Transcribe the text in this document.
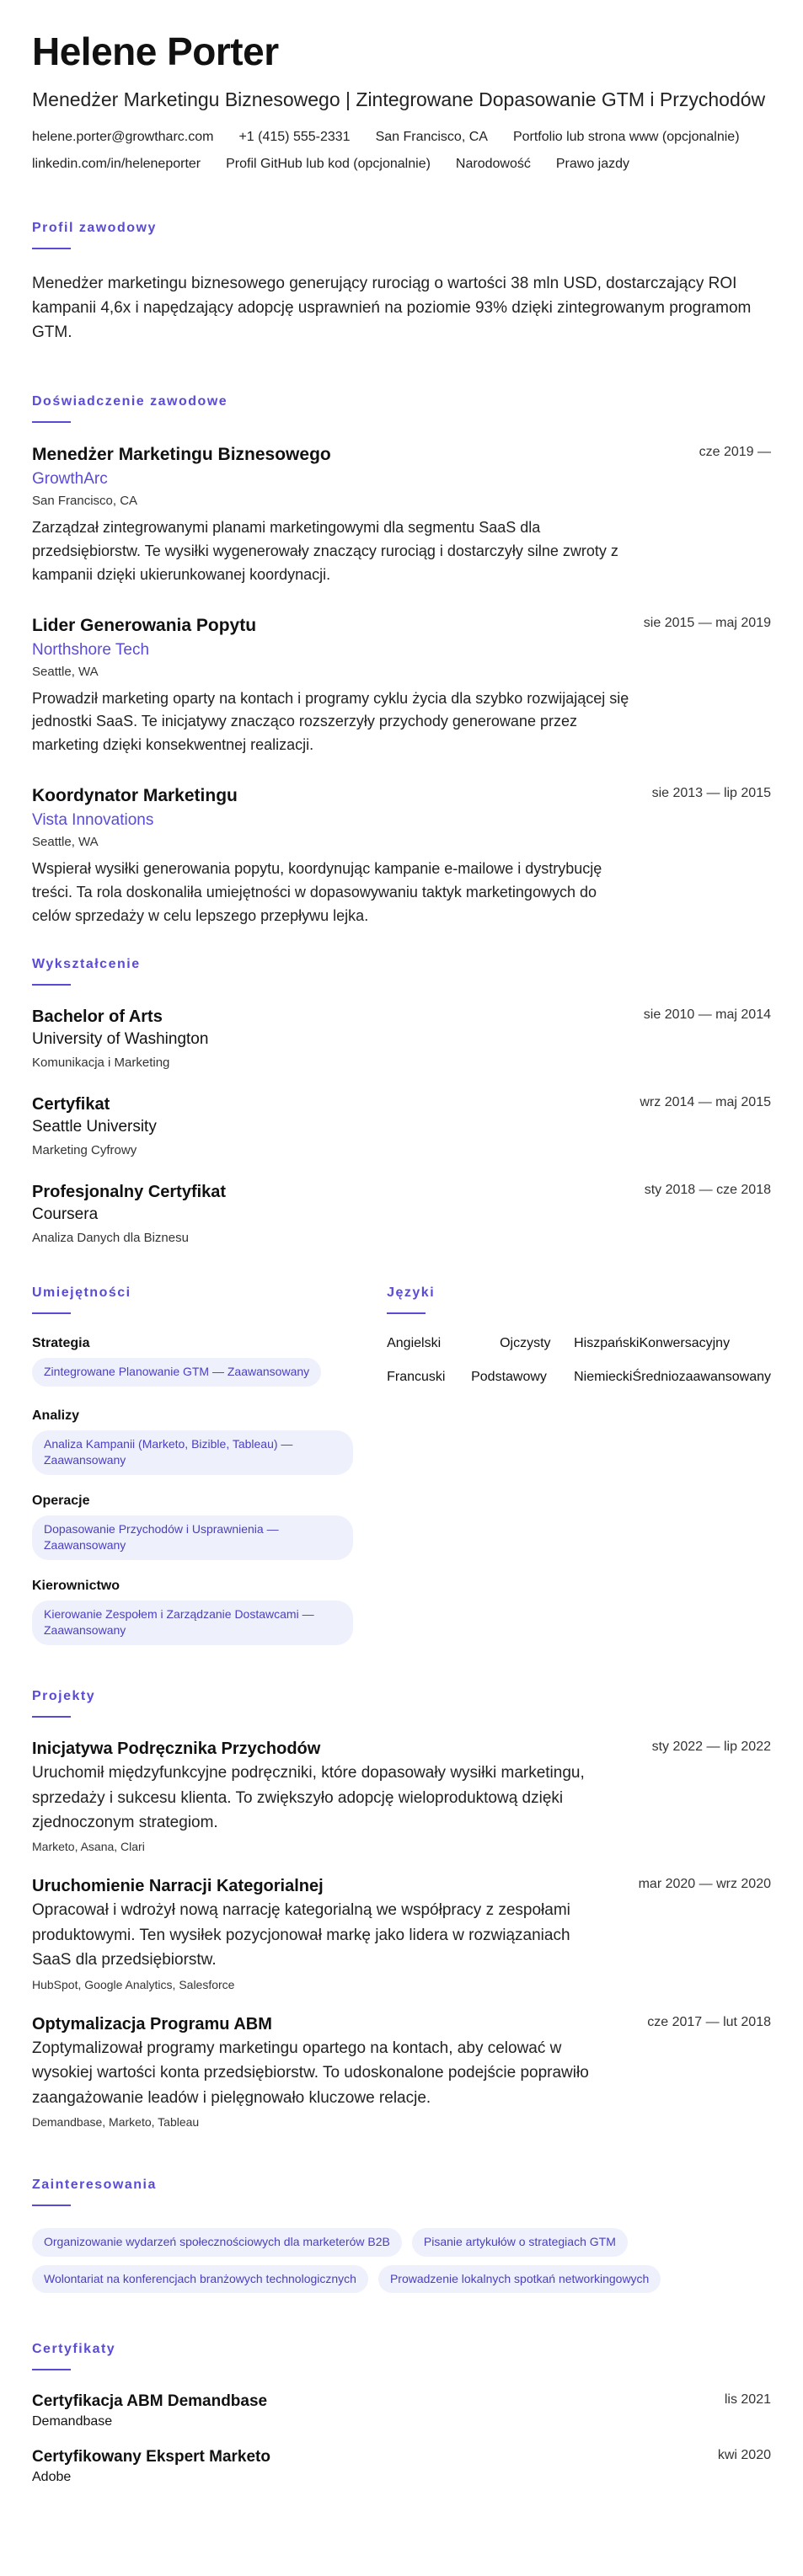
Helene Porter
Menedżer Marketingu Biznesowego | Zintegrowane Dopasowanie GTM i Przychodów
helene.porter@growtharc.com +1 (415) 555-2331 San Francisco, CA Portfolio lub strona www (opcjonalnie)
linkedin.com/in/heleneporter Profil GitHub lub kod (opcjonalnie) Narodowość Prawo jazdy
Profil zawodowy
Menedżer marketingu biznesowego generujący rurociąg o wartości 38 mln USD, dostarczający ROI kampanii 4,6x i napędzający adopcję usprawnień na poziomie 93% dzięki zintegrowanym programom GTM.
Doświadczenie zawodowe
Menedżer Marketingu Biznesowego	cze 2019 —
GrowthArc
San Francisco, CA
Zarządzał zintegrowanymi planami marketingowymi dla segmentu SaaS dla przedsiębiorstw. Te wysiłki wygenerowały znaczący rurociąg i dostarczyły silne zwroty z kampanii dzięki ukierunkowanej koordynacji.
Lider Generowania Popytu	sie 2015 — maj 2019
Northshore Tech
Seattle, WA
Prowadził marketing oparty na kontach i programy cyklu życia dla szybko rozwijającej się jednostki SaaS. Te inicjatywy znacząco rozszerzyły przychody generowane przez marketing dzięki konsekwentnej realizacji.
Koordynator Marketingu	sie 2013 — lip 2015
Vista Innovations
Seattle, WA
Wspierał wysiłki generowania popytu, koordynując kampanie e-mailowe i dystrybucję treści. Ta rola doskonaliła umiejętności w dopasowywaniu taktyk marketingowych do celów sprzedaży w celu lepszego przepływu lejka.
Wykształcenie
Bachelor of Arts	sie 2010 — maj 2014
University of Washington
Komunikacja i Marketing
Certyfikat	wrz 2014 — maj 2015
Seattle University
Marketing Cyfrowy
Profesjonalny Certyfikat	sty 2018 — cze 2018
Coursera
Analiza Danych dla Biznesu
Umiejętności
Strategia
Zintegrowane Planowanie GTM — Zaawansowany
Analizy
Analiza Kampanii (Marketo, Bizible, Tableau) — Zaawansowany
Operacje
Dopasowanie Przychodów i Usprawnienia — Zaawansowany
Kierownictwo
Kierowanie Zespołem i Zarządzanie Dostawcami — Zaawansowany
Języki
Angielski	Ojczysty	Hiszpański Konwersacyjny
Francuski	Podstawowy	Niemiecki Średniozaawansowany
Projekty
Inicjatywa Podręcznika Przychodów	sty 2022 — lip 2022
Uruchomił międzyfunkcyjne podręczniki, które dopasowały wysiłki marketingu, sprzedaży i sukcesu klienta. To zwiększyło adopcję wieloproduktową dzięki zjednoczonym strategiom.
Marketo, Asana, Clari
Uruchomienie Narracji Kategorialnej	mar 2020 — wrz 2020
Opracował i wdrożył nową narrację kategorialną we współpracy z zespołami produktowymi. Ten wysiłek pozycjonował markę jako lidera w rozwiązaniach SaaS dla przedsiębiorstw.
HubSpot, Google Analytics, Salesforce
Optymalizacja Programu ABM	cze 2017 — lut 2018
Zoptymalizował programy marketingu opartego na kontach, aby celować w wysokiej wartości konta przedsiębiorstw. To udoskonalone podejście poprawiło zaangażowanie leadów i pielęgnowało kluczowe relacje.
Demandbase, Marketo, Tableau
Zainteresowania
Organizowanie wydarzeń społecznościowych dla marketerów B2B	Pisanie artykułów o strategiach GTM
Wolontariat na konferencjach branżowych technologicznych	Prowadzenie lokalnych spotkań networkingowych
Certyfikaty
Certyfikacja ABM Demandbase	lis 2021
Demandbase
Certyfikowany Ekspert Marketo	kwi 2020
Adobe
